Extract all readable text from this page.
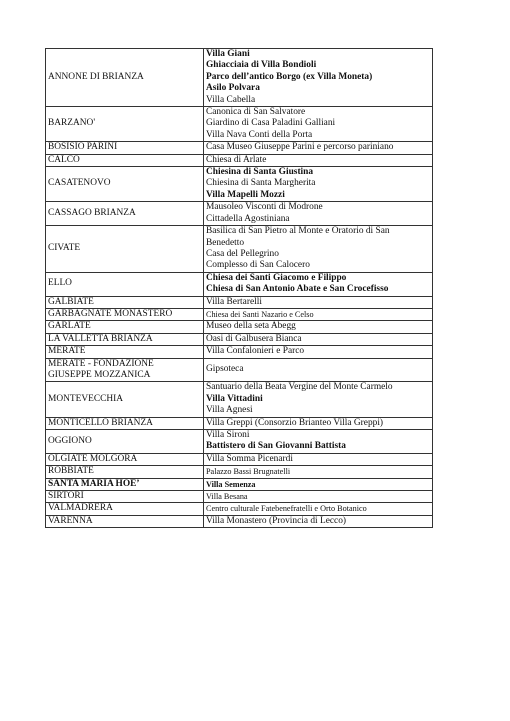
ANNONE DI BRIANZA	Villa Giani
Ghiacciaia di Villa Bondioli
Parco dell’antico Borgo (ex Villa Moneta)
Asilo Polvara
Villa Cabella

BARZANO'	Canonica di San Salvatore
Giardino di Casa Paladini Galliani
Villa Nava Conti della Porta

BOSISIO PARINI	Casa Museo Giuseppe Parini e percorso pariniano

CALCO	Chiesa di Arlate

CASATENOVO	Chiesina di Santa Giustina
Chiesina di Santa Margherita
Villa Mapelli Mozzi

CASSAGO BRIANZA	Mausoleo Visconti di Modrone
Cittadella Agostiniana

CIVATE	Basilica di San Pietro al Monte e Oratorio di San
Benedetto
Casa del Pellegrino
Complesso di San Calocero

ELLO	Chiesa dei Santi Giacomo e Filippo
Chiesa di San Antonio Abate e San Crocefisso

GALBIATE	Villa Bertarelli

GARBAGNATE MONASTERO	Chiesa dei Santi Nazario e Celso

GARLATE	Museo della seta Abegg

LA VALLETTA BRIANZA	Oasi di Galbusera Bianca

MERATE	Villa Confalonieri e Parco

MERATE - FONDAZIONE
GIUSEPPE MOZZANICA	Gipsoteca

MONTEVECCHIA	Santuario della Beata Vergine del Monte Carmelo
Villa Vittadini
Villa Agnesi

MONTICELLO BRIANZA	Villa Greppi (Consorzio Brianteo Villa Greppi)

OGGIONO	Villa Sironi
Battistero di San Giovanni Battista

OLGIATE MOLGORA	Villa Somma Picenardi

ROBBIATE	Palazzo Bassi Brugnatelli

SANTA MARIA HOE’	Villa Semenza

SIRTORI	Villa Besana

VALMADRERA	Centro culturale Fatebenefratelli e Orto Botanico

VARENNA	Villa Monastero (Provincia di Lecco)
